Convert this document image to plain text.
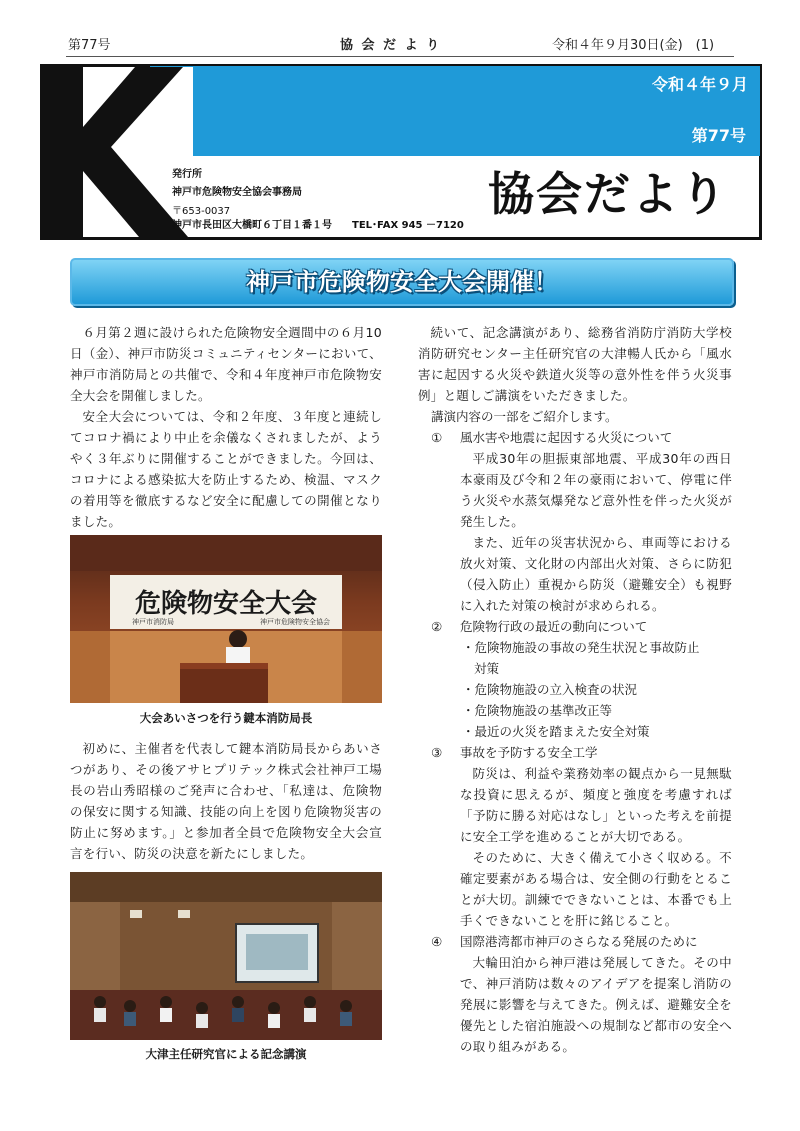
第77号	協 会 だ よ り	令和４年９月30日(金)　(1)
K
令和４年９月
第77号
発行所
神戸市危険物安全協会事務局
〒653-0037
神戸市長田区大橋町６丁目１番１号 TEL･FAX 945 －7120
協会だより
神戸市危険物安全大会開催！
６月第２週に設けられた危険物安全週間中の６月10日（金）、神戸市防災コミュニティセンターにおいて、神戸市消防局との共催で、令和４年度神戸市危険物安全大会を開催しました。
安全大会については、令和２年度、３年度と連続してコロナ禍により中止を余儀なくされましたが、ようやく３年ぶりに開催することができました。今回は、コロナによる感染拡大を防止するため、検温、マスクの着用等を徹底するなど安全に配慮しての開催となりました。
危険物安全大会
神戸市消防局	神戸市危険物安全協会
大会あいさつを行う鍵本消防局長
初めに、主催者を代表して鍵本消防局長からあいさつがあり、その後アサヒプリテック株式会社神戸工場長の岩山秀昭様のご発声に合わせ、「私達は、危険物の保安に関する知識、技能の向上を図り危険物災害の防止に努めます。」と参加者全員で危険物安全大会宣言を行い、防災の決意を新たにしました。
大津主任研究官による記念講演
続いて、記念講演があり、総務省消防庁消防大学校消防研究センター主任研究官の大津暢人氏から「風水害に起因する火災や鉄道火災等の意外性を伴う火災事例」と題しご講演をいただきました。
講演内容の一部をご紹介します。
① 風水害や地震に起因する火災について
平成30年の胆振東部地震、平成30年の西日本豪雨及び令和２年の豪雨において、停電に伴う火災や水蒸気爆発など意外性を伴った火災が発生した。
また、近年の災害状況から、車両等における放火対策、文化財の内部出火対策、さらに防犯（侵入防止）重視から防災（避難安全）も視野に入れた対策の検討が求められる。
② 危険物行政の最近の動向について
・危険物施設の事故の発生状況と事故防止
対策
・危険物施設の立入検査の状況
・危険物施設の基準改正等
・最近の火災を踏まえた安全対策
③ 事故を予防する安全工学
防災は、利益や業務効率の観点から一見無駄な投資に思えるが、頻度と強度を考慮すれば「予防に勝る対応はなし」といった考えを前提に安全工学を進めることが大切である。
そのために、大きく備えて小さく収める。不確定要素がある場合は、安全側の行動をとることが大切。訓練でできないことは、本番でも上手くできないことを肝に銘じること。
④ 国際港湾都市神戸のさらなる発展のために
大輪田泊から神戸港は発展してきた。その中で、神戸消防は数々のアイデアを提案し消防の発展に影響を与えてきた。例えば、避難安全を優先とした宿泊施設への規制など都市の安全への取り組みがある。
